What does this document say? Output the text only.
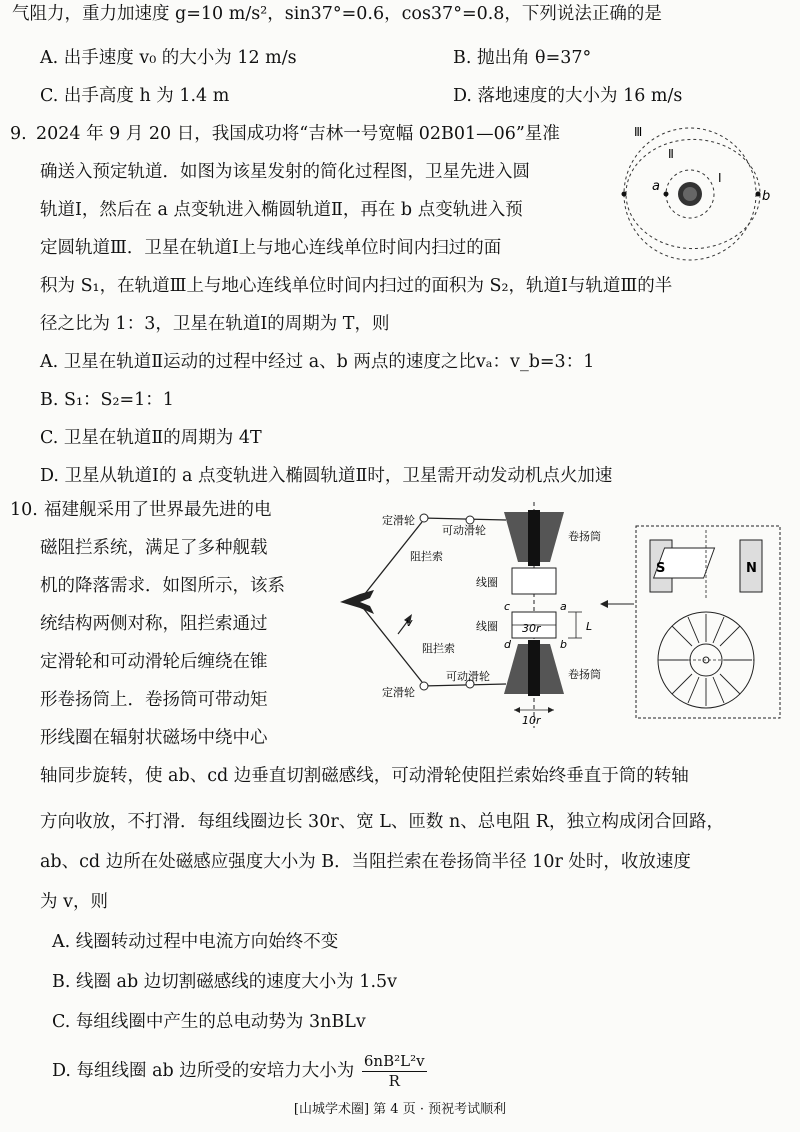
气阻力，重力加速度 g=10 m/s²，sin37°=0.6，cos37°=0.8，下列说法正确的是
A. 出手速度 v₀ 的大小为 12 m/s	B. 抛出角 θ=37°
C. 出手高度 h 为 1.4 m	D. 落地速度的大小为 16 m/s
9. 2024 年 9 月 20 日，我国成功将“吉林一号宽幅 02B01—06”星准
确送入预定轨道．如图为该星发射的简化过程图，卫星先进入圆
轨道Ⅰ，然后在 a 点变轨进入椭圆轨道Ⅱ，再在 b 点变轨进入预
定圆轨道Ⅲ．卫星在轨道Ⅰ上与地心连线单位时间内扫过的面
积为 S₁，在轨道Ⅲ上与地心连线单位时间内扫过的面积为 S₂，轨道Ⅰ与轨道Ⅲ的半
径之比为 1：3，卫星在轨道Ⅰ的周期为 T，则
A. 卫星在轨道Ⅱ运动的过程中经过 a、b 两点的速度之比vₐ：v_b=3：1
B. S₁：S₂=1：1
C. 卫星在轨道Ⅱ的周期为 4T
D. 卫星从轨道Ⅰ的 a 点变轨进入椭圆轨道Ⅱ时，卫星需开动发动机点火加速
Ⅲ
Ⅱ
Ⅰ
a
b
10. 福建舰采用了世界最先进的电
磁阻拦系统，满足了多种舰载
机的降落需求．如图所示，该系
统结构两侧对称，阻拦索通过
定滑轮和可动滑轮后缠绕在锥
形卷扬筒上．卷扬筒可带动矩
形线圈在辐射状磁场中绕中心
轴同步旋转，使 ab、cd 边垂直切割磁感线，可动滑轮使阻拦索始终垂直于筒的转轴
方向收放，不打滑．每组线圈边长 30r、宽 L、匝数 n、总电阻 R，独立构成闭合回路，
ab、cd 边所在处磁感应强度大小为 B．当阻拦索在卷扬筒半径 10r 处时，收放速度
为 v，则
A. 线圈转动过程中电流方向始终不变
B. 线圈 ab 边切割磁感线的速度大小为 1.5v
C. 每组线圈中产生的总电动势为 3nBLv
D. 每组线圈 ab 边所受的安培力大小为 $\frac{\text{6nB²L²v}}{R}$
S	N
定滑轮
可动滑轮	卷扬筒
阻拦索
线圈
线圈 30r
c	a
d	b
L
v
阻拦索
定滑轮
可动滑轮	卷扬筒
10r
[山城学术圈] 第 4 页 · 预祝考试顺利
